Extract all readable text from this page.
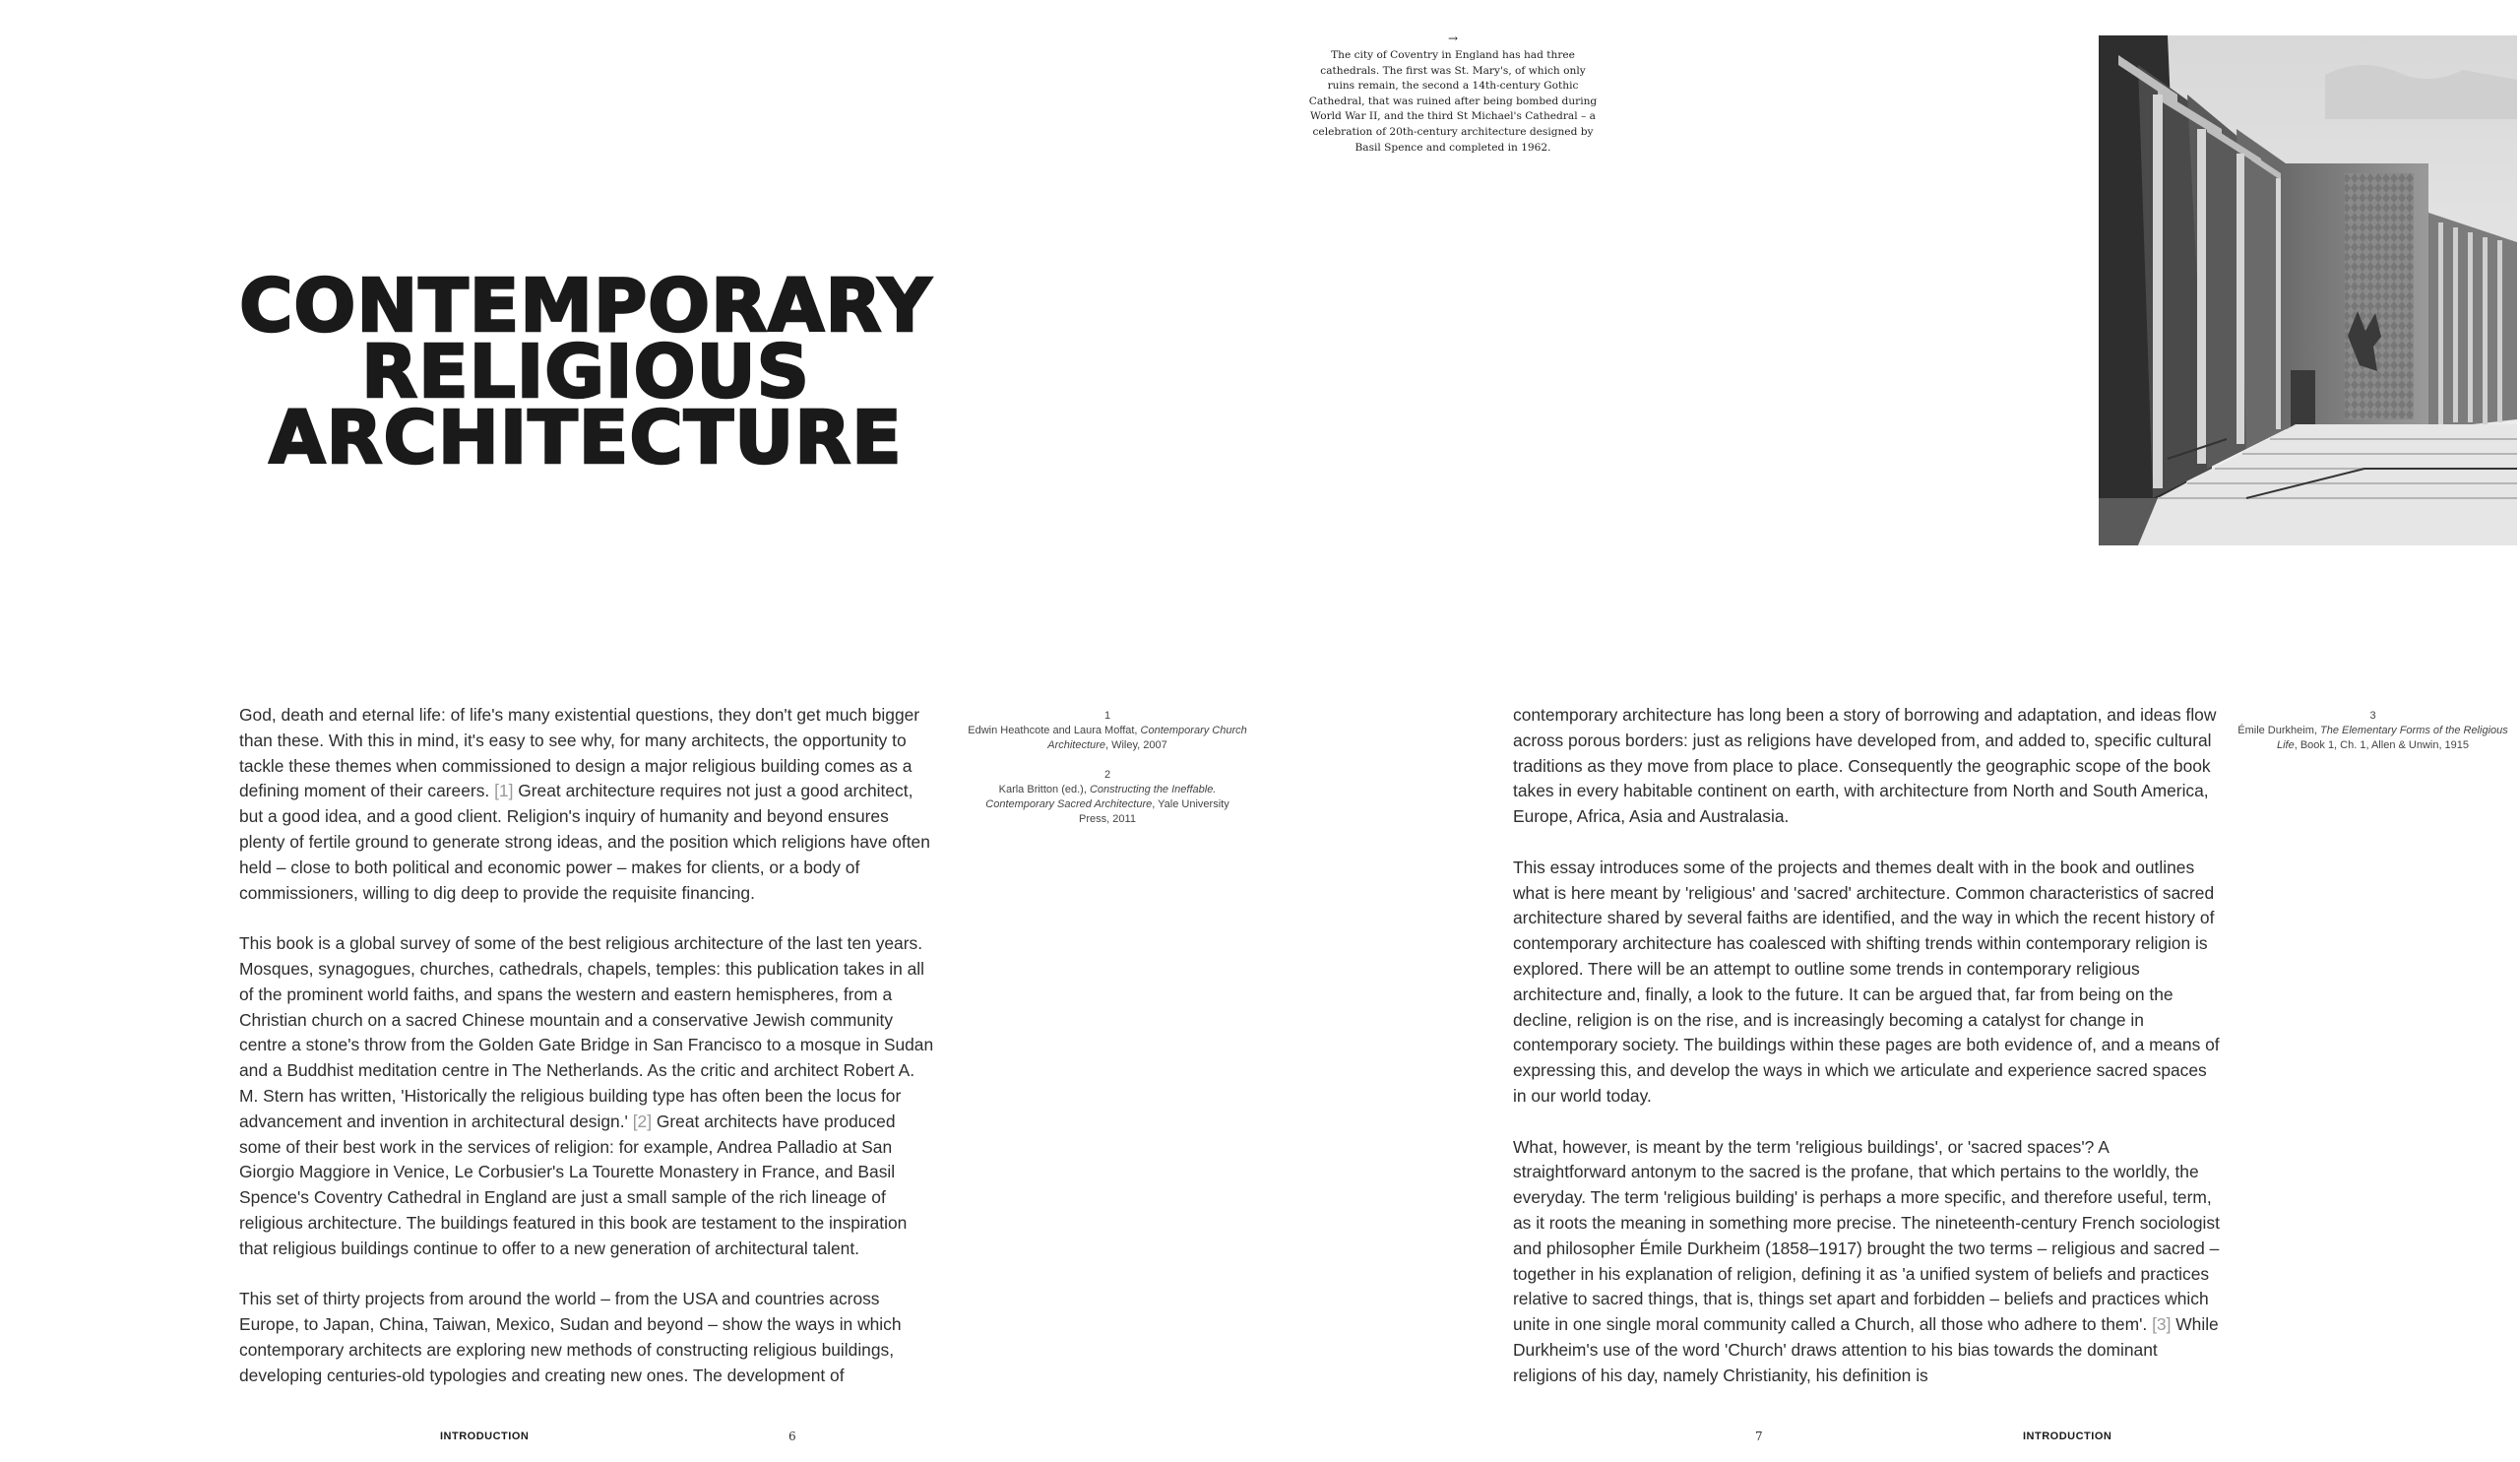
CONTEMPORARY
RELIGIOUS
ARCHITECTURE
→
The city of Coventry in England has had three cathedrals. The first was St. Mary's, of which only ruins remain, the second a 14th-century Gothic Cathedral, that was ruined after being bombed during World War II, and the third St Michael's Cathedral – a celebration of 20th-century architecture designed by Basil Spence and completed in 1962.

God, death and eternal life: of life's many existential questions, they don't get much bigger than these. With this in mind, it's easy to see why, for many architects, the opportunity to tackle these themes when commissioned to design a major religious building comes as a defining moment of their careers. [1] Great architecture requires not just a good architect, but a good idea, and a good client. Religion's inquiry of humanity and beyond ensures plenty of fertile ground to generate strong ideas, and the position which religions have often held – close to both political and economic power – makes for clients, or a body of commissioners, willing to dig deep to provide the requisite financing.

This book is a global survey of some of the best religious architecture of the last ten years. Mosques, synagogues, churches, cathedrals, chapels, temples: this publication takes in all of the prominent world faiths, and spans the western and eastern hemispheres, from a Christian church on a sacred Chinese mountain and a conservative Jewish community centre a stone's throw from the Golden Gate Bridge in San Francisco to a mosque in Sudan and a Buddhist meditation centre in The Netherlands. As the critic and architect Robert A. M. Stern has written, 'Historically the religious building type has often been the locus for advancement and invention in architectural design.' [2] Great architects have produced some of their best work in the services of religion: for example, Andrea Palladio at San Giorgio Maggiore in Venice, Le Corbusier's La Tourette Monastery in France, and Basil Spence's Coventry Cathedral in England are just a small sample of the rich lineage of religious architecture. The buildings featured in this book are testament to the inspiration that religious buildings continue to offer to a new generation of architectural talent.

This set of thirty projects from around the world – from the USA and countries across Europe, to Japan, China, Taiwan, Mexico, Sudan and beyond – show the ways in which contemporary architects are exploring new methods of constructing religious buildings, developing centuries-old typologies and creating new ones. The development of

1
Edwin Heathcote and Laura Moffat, Contemporary Church Architecture, Wiley, 2007
2
Karla Britton (ed.), Constructing the Ineffable. Contemporary Sacred Architecture, Yale University Press, 2011

contemporary architecture has long been a story of borrowing and adaptation, and ideas flow across porous borders: just as religions have developed from, and added to, specific cultural traditions as they move from place to place. Consequently the geographic scope of the book takes in every habitable continent on earth, with architecture from North and South America, Europe, Africa, Asia and Australasia.

This essay introduces some of the projects and themes dealt with in the book and outlines what is here meant by 'religious' and 'sacred' architecture. Common characteristics of sacred architecture shared by several faiths are identified, and the way in which the recent history of contemporary architecture has coalesced with shifting trends within contemporary religion is explored. There will be an attempt to outline some trends in contemporary religious architecture and, finally, a look to the future. It can be argued that, far from being on the decline, religion is on the rise, and is increasingly becoming a catalyst for change in contemporary society. The buildings within these pages are both evidence of, and a means of expressing this, and develop the ways in which we articulate and experience sacred spaces in our world today.

What, however, is meant by the term 'religious buildings', or 'sacred spaces'? A straightforward antonym to the sacred is the profane, that which pertains to the worldly, the everyday. The term 'religious building' is perhaps a more specific, and therefore useful, term, as it roots the meaning in something more precise. The nineteenth-century French sociologist and philosopher Émile Durkheim (1858–1917) brought the two terms – religious and sacred – together in his explanation of religion, defining it as 'a unified system of beliefs and practices relative to sacred things, that is, things set apart and forbidden – beliefs and practices which unite in one single moral community called a Church, all those who adhere to them'. [3] While Durkheim's use of the word 'Church' draws attention to his bias towards the dominant religions of his day, namely Christianity, his definition is

3
Émile Durkheim, The Elementary Forms of the Religious Life, Book 1, Ch. 1, Allen & Unwin, 1915
INTRODUCTION	6	7	INTRODUCTION
